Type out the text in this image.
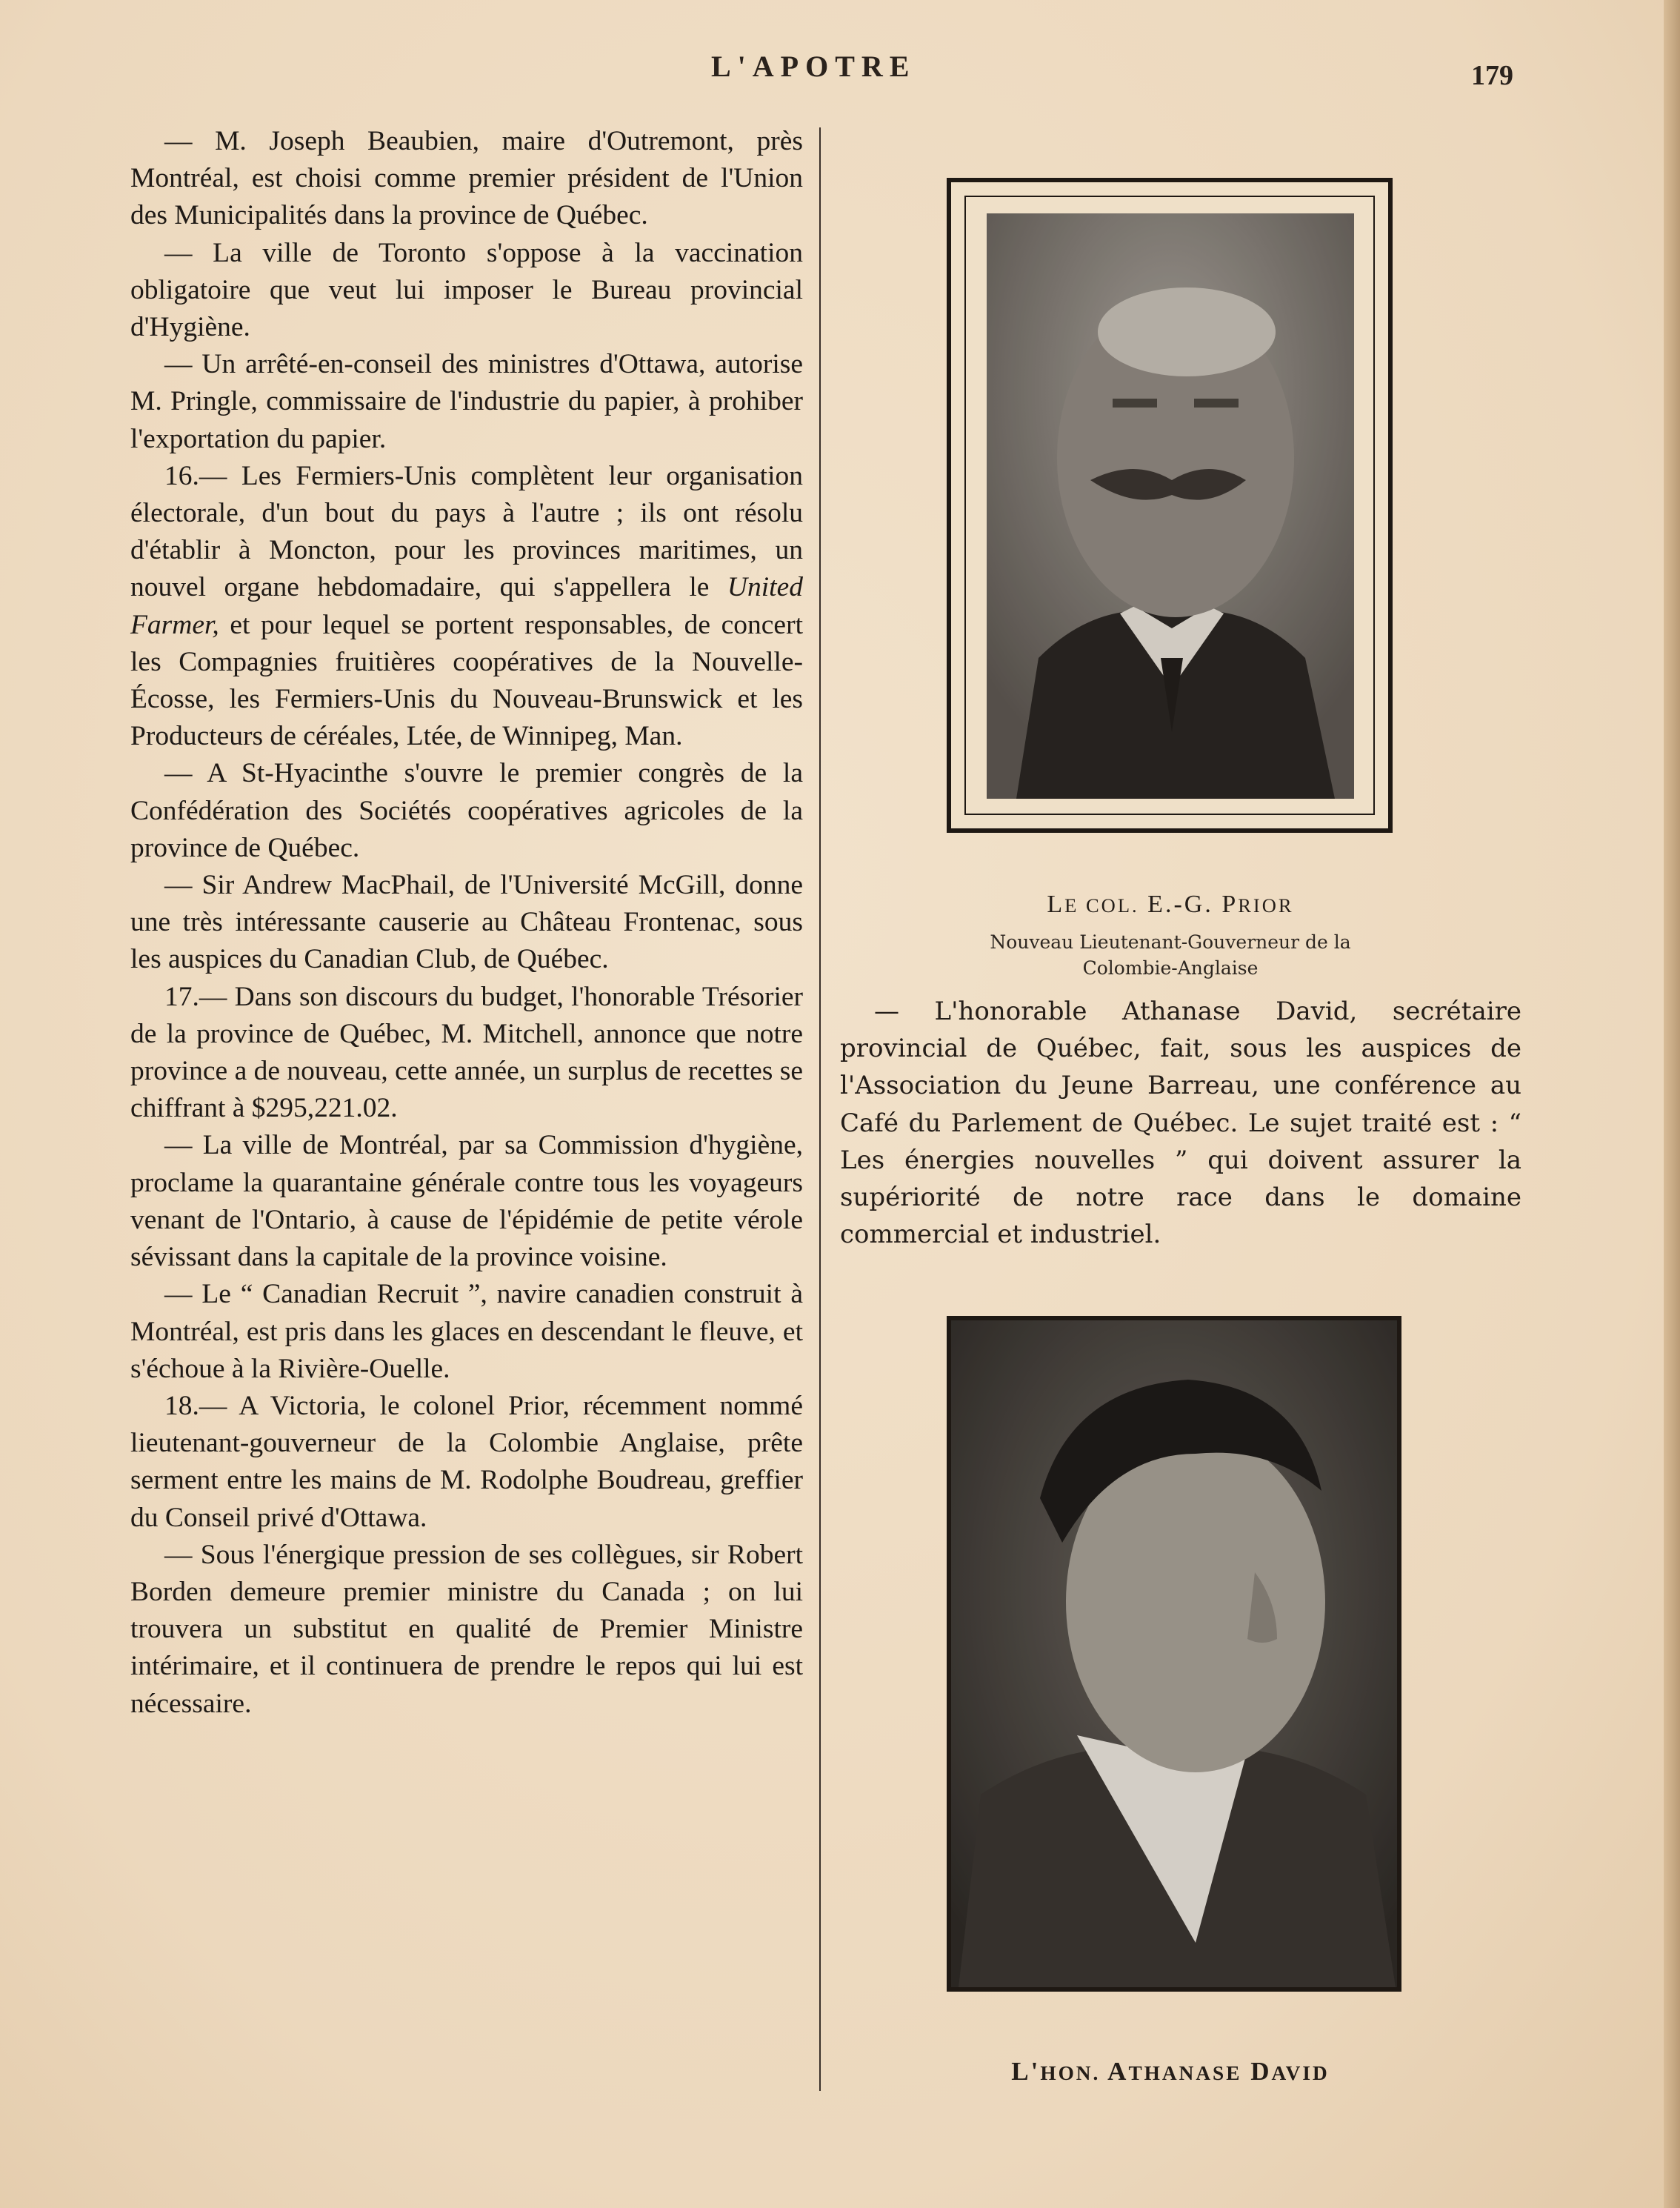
L'APOTRE	179

— M. Joseph Beaubien, maire d'Outremont, près Montréal, est choisi comme premier président de l'Union des Municipalités dans la province de Québec.

— La ville de Toronto s'oppose à la vaccination obligatoire que veut lui imposer le Bureau provincial d'Hygiène.

— Un arrêté-en-conseil des ministres d'Ottawa, autorise M. Pringle, commissaire de l'industrie du papier, à prohiber l'exportation du papier.

16.— Les Fermiers-Unis complètent leur organisation électorale, d'un bout du pays à l'autre ; ils ont résolu d'établir à Moncton, pour les provinces maritimes, un nouvel organe hebdomadaire, qui s'appellera le United Farmer, et pour lequel se portent responsables, de concert les Compagnies fruitières coopératives de la Nouvelle-Écosse, les Fermiers-Unis du Nouveau-Brunswick et les Producteurs de céréales, Ltée, de Winnipeg, Man.

— A St-Hyacinthe s'ouvre le premier congrès de la Confédération des Sociétés coopératives agricoles de la province de Québec.

— Sir Andrew MacPhail, de l'Université McGill, donne une très intéressante causerie au Château Frontenac, sous les auspices du Canadian Club, de Québec.

17.— Dans son discours du budget, l'honorable Trésorier de la province de Québec, M. Mitchell, annonce que notre province a de nouveau, cette année, un surplus de recettes se chiffrant à $295,221.02.

— La ville de Montréal, par sa Commission d'hygiène, proclame la quarantaine générale contre tous les voyageurs venant de l'Ontario, à cause de l'épidémie de petite vérole sévissant dans la capitale de la province voisine.

— Le “ Canadian Recruit ”, navire canadien construit à Montréal, est pris dans les glaces en descendant le fleuve, et s'échoue à la Rivière-Ouelle.

18.— A Victoria, le colonel Prior, récemment nommé lieutenant-gouverneur de la Colombie Anglaise, prête serment entre les mains de M. Rodolphe Boudreau, greffier du Conseil privé d'Ottawa.

— Sous l'énergique pression de ses collègues, sir Robert Borden demeure premier ministre du Canada ; on lui trouvera un substitut en qualité de Premier Ministre intérimaire, et il continuera de prendre le repos qui lui est nécessaire.

LE COL. E.-G. PRIOR
Nouveau Lieutenant-Gouverneur de la
Colombie-Anglaise

— L'honorable Athanase David, secrétaire provincial de Québec, fait, sous les auspices de l'Association du Jeune Barreau, une conférence au Café du Parlement de Québec. Le sujet traité est : “ Les énergies nouvelles ” qui doivent assurer la supériorité de notre race dans le domaine commercial et industriel.

L'HON. ATHANASE DAVID
